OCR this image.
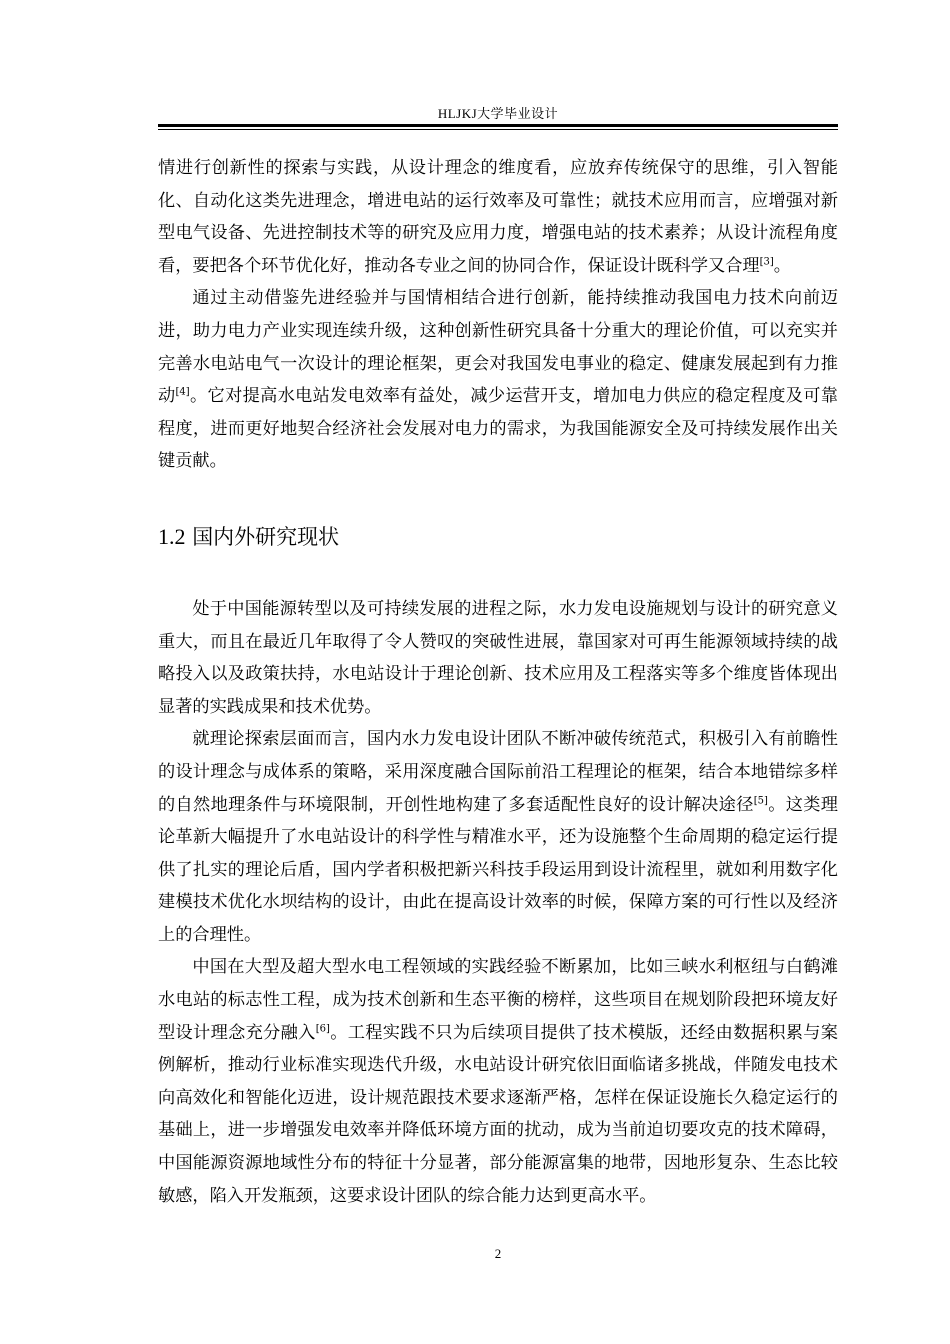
HLJKJ大学毕业设计

情进行创新性的探索与实践，从设计理念的维度看，应放弃传统保守的思维，引入智能化、自动化这类先进理念，增进电站的运行效率及可靠性；就技术应用而言，应增强对新型电气设备、先进控制技术等的研究及应用力度，增强电站的技术素养；从设计流程角度看，要把各个环节优化好，推动各专业之间的协同合作，保证设计既科学又合理[3]。

通过主动借鉴先进经验并与国情相结合进行创新，能持续推动我国电力技术向前迈进，助力电力产业实现连续升级，这种创新性研究具备十分重大的理论价值，可以充实并完善水电站电气一次设计的理论框架，更会对我国发电事业的稳定、健康发展起到有力推动[4]。它对提高水电站发电效率有益处，减少运营开支，增加电力供应的稳定程度及可靠程度，进而更好地契合经济社会发展对电力的需求，为我国能源安全及可持续发展作出关键贡献。

1.2 国内外研究现状

处于中国能源转型以及可持续发展的进程之际，水力发电设施规划与设计的研究意义重大，而且在最近几年取得了令人赞叹的突破性进展，靠国家对可再生能源领域持续的战略投入以及政策扶持，水电站设计于理论创新、技术应用及工程落实等多个维度皆体现出显著的实践成果和技术优势。

就理论探索层面而言，国内水力发电设计团队不断冲破传统范式，积极引入有前瞻性的设计理念与成体系的策略，采用深度融合国际前沿工程理论的框架，结合本地错综多样的自然地理条件与环境限制，开创性地构建了多套适配性良好的设计解决途径[5]。这类理论革新大幅提升了水电站设计的科学性与精准水平，还为设施整个生命周期的稳定运行提供了扎实的理论后盾，国内学者积极把新兴科技手段运用到设计流程里，就如利用数字化建模技术优化水坝结构的设计，由此在提高设计效率的时候，保障方案的可行性以及经济上的合理性。

中国在大型及超大型水电工程领域的实践经验不断累加，比如三峡水利枢纽与白鹤滩水电站的标志性工程，成为技术创新和生态平衡的榜样，这些项目在规划阶段把环境友好型设计理念充分融入[6]。工程实践不只为后续项目提供了技术模版，还经由数据积累与案例解析，推动行业标准实现迭代升级，水电站设计研究依旧面临诸多挑战，伴随发电技术向高效化和智能化迈进，设计规范跟技术要求逐渐严格，怎样在保证设施长久稳定运行的基础上，进一步增强发电效率并降低环境方面的扰动，成为当前迫切要攻克的技术障碍，中国能源资源地域性分布的特征十分显著，部分能源富集的地带，因地形复杂、生态比较敏感，陷入开发瓶颈，这要求设计团队的综合能力达到更高水平。

2
